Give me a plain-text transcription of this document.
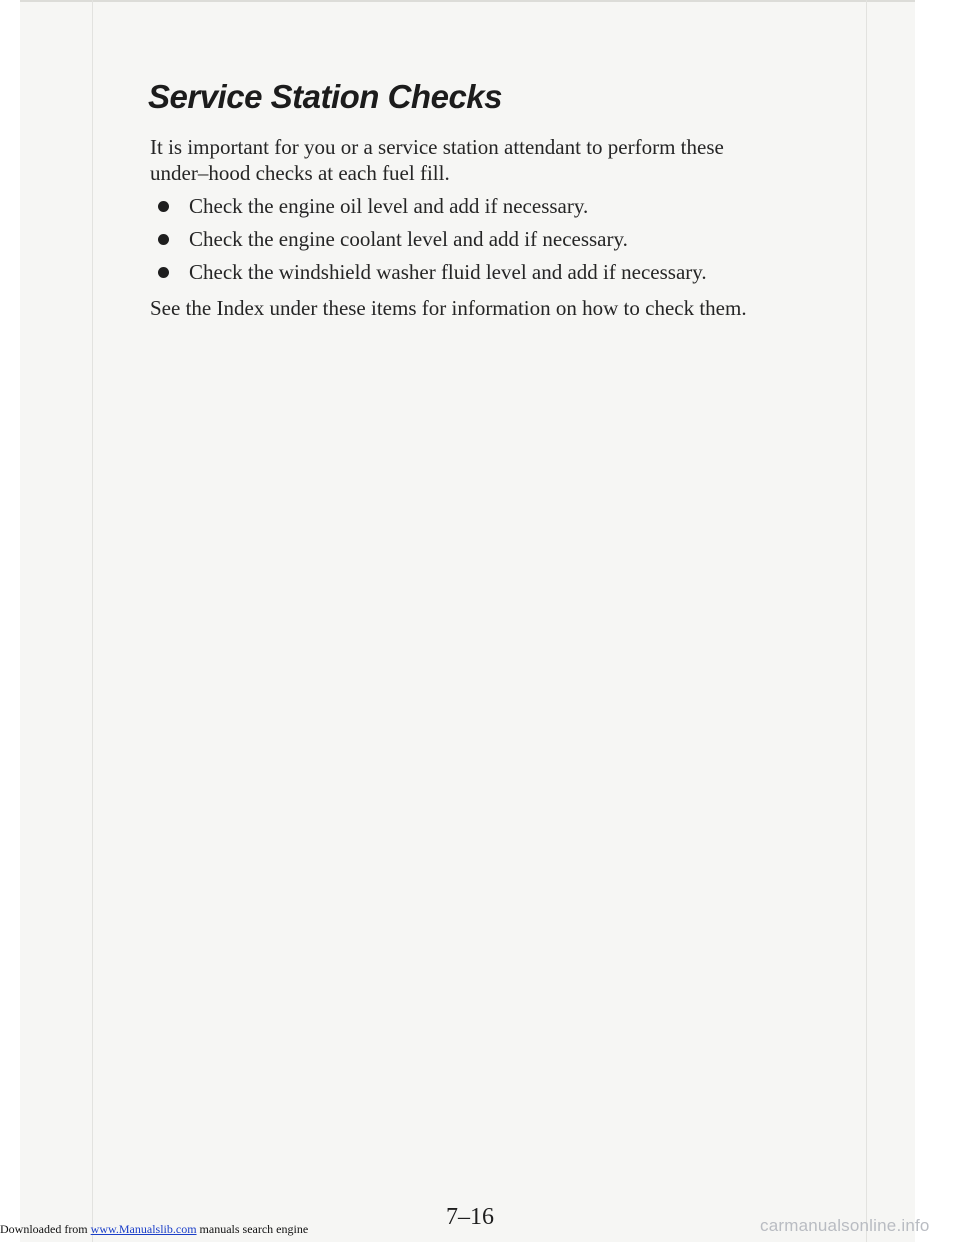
Service Station Checks

It is important for you or a service station attendant to perform these under–hood checks at each fuel fill.

Check the engine oil level and add if necessary.
Check the engine coolant level and add if necessary.
Check the windshield washer fluid level and add if necessary.

See the Index under these items for information on how to check them.

7–16

Downloaded from www.Manualslib.com manuals search engine	carmanualsonline.info
